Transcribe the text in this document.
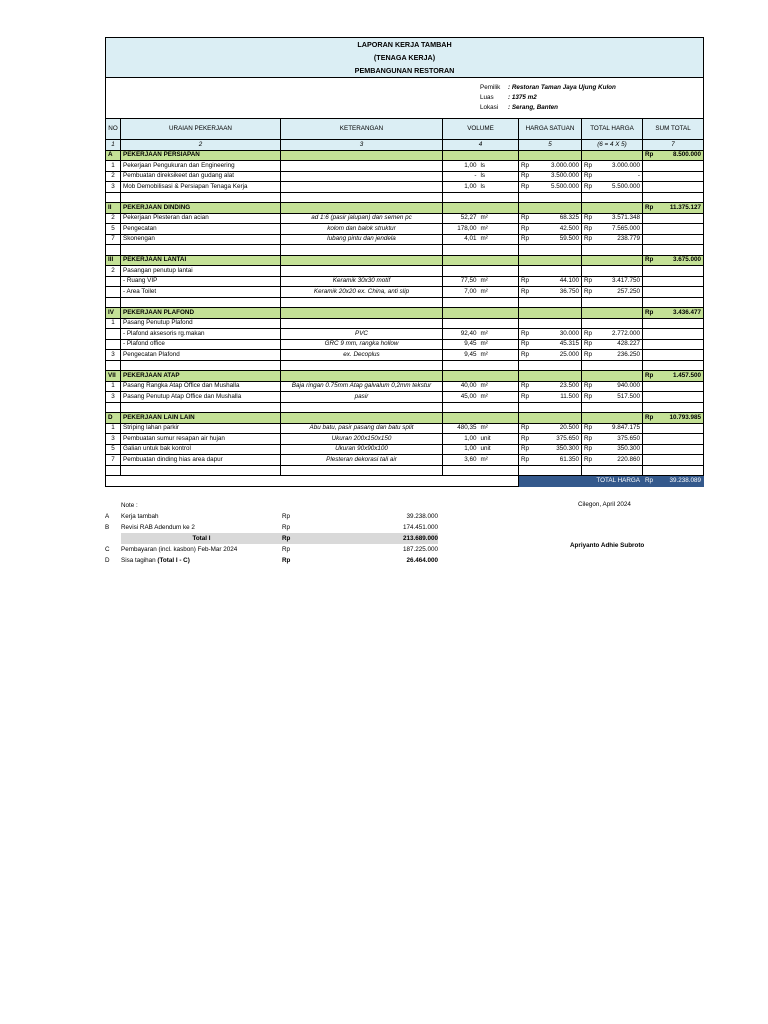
LAPORAN KERJA TAMBAH											
(TENAGA KERJA)											
PEMBANGUNAN RESTORAN											

Pemilik : Restoran Taman Jaya Ujung Kulon
Luas : 1375 m2
Lokasi : Serang, Banten											

NO	URAIAN PEKERJAAN	KETERANGAN	VOLUME		HARGA SATUAN		TOTAL HARGA		SUM TOTAL		
1	2	3	4		5		(6 = 4 X 5)		7		
A	PEKERJAAN PERSIAPAN								Rp	8.500.000	
1	Pekerjaan Pengukuran dan Engineering		1,00	ls	Rp	3.000.000	Rp	3.000.000			
2	Pembuatan direksikeet dan gudang alat		-	ls	Rp	3.500.000	Rp	-			
3	Mob Demobilisasi & Persiapan Tenaga Kerja		1,00	ls	Rp	5.500.000	Rp	5.500.000			

II	PEKERJAAN DINDING								Rp	11.375.127	
2	Pekerjaan Plesteran dan acian	ad 1:6 (pasir jalupan) dan semen pc	52,27	m²	Rp	68.325	Rp	3.571.348			
5	Pengecatan	kolom dan balok struktur	178,00	m²	Rp	42.500	Rp	7.565.000			
7	Skonengan	lubang pintu dan jendela	4,01	m²	Rp	59.500	Rp	238.779			

III	PEKERJAAN LANTAI								Rp	3.675.000	
2	Pasangan penutup lantai										
	- Ruang VIP	Keramik 30x30 motif	77,50	m²	Rp	44.100	Rp	3.417.750			
	- Area Toilet	Keramik 20x20 ex. China, anti slip	7,00	m²	Rp	36.750	Rp	257.250			

IV	PEKERJAAN PLAFOND								Rp	3.436.477	
1	Pasang Penutup Plafond										
	- Plafond aksesoris rg.makan	PVC	92,40	m²	Rp	30.000	Rp	2.772.000			
	- Plafond office	GRC 9 mm, rangka hollow	9,45	m²	Rp	45.315	Rp	428.227			
3	Pengecatan Plafond	ex. Decoplus	9,45	m²	Rp	25.000	Rp	236.250			

VII	PEKERJAAN ATAP								Rp	1.457.500	
1	Pasang Rangka Atap Office dan Mushalla	Baja ringan 0.75mm Atap galvalum 0,2mm tekstur	40,00	m²	Rp	23.500	Rp	940.000			
3	Pasang Penutup Atap Office dan Mushalla	pasir	45,00	m²	Rp	11.500	Rp	517.500			

D	PEKERJAAN LAIN LAIN								Rp	10.793.985	
1	Striping lahan parkir	Abu batu, pasir pasang dan batu split	480,35	m²	Rp	20.500	Rp	9.847.175			
3	Pembuatan sumur resapan air hujan	Ukuran 200x150x150	1,00	unit	Rp	375.650	Rp	375.650			
5	Galian untuk bak kontrol	Ukuran 90x90x100	1,00	unit	Rp	350.300	Rp	350.300			
7	Pembuatan dinding hias area dapur	Plesteran dekorasi tali air	3,60	m²	Rp	61.350	Rp	220.860			

					TOTAL HARGA				Rp	39.238.089	
	Note :		
A	Kerja tambah	Rp	39.238.000
B	Revisi RAB Adendum ke 2	Rp	174.451.000
	Total I	Rp	213.689.000
C	Pembayaran (incl. kasbon) Feb-Mar 2024	Rp	187.225.000
D	Sisa tagihan (Total I - C)	Rp	26.464.000
Cilegon, April 2024
Apriyanto Adhie Subroto
